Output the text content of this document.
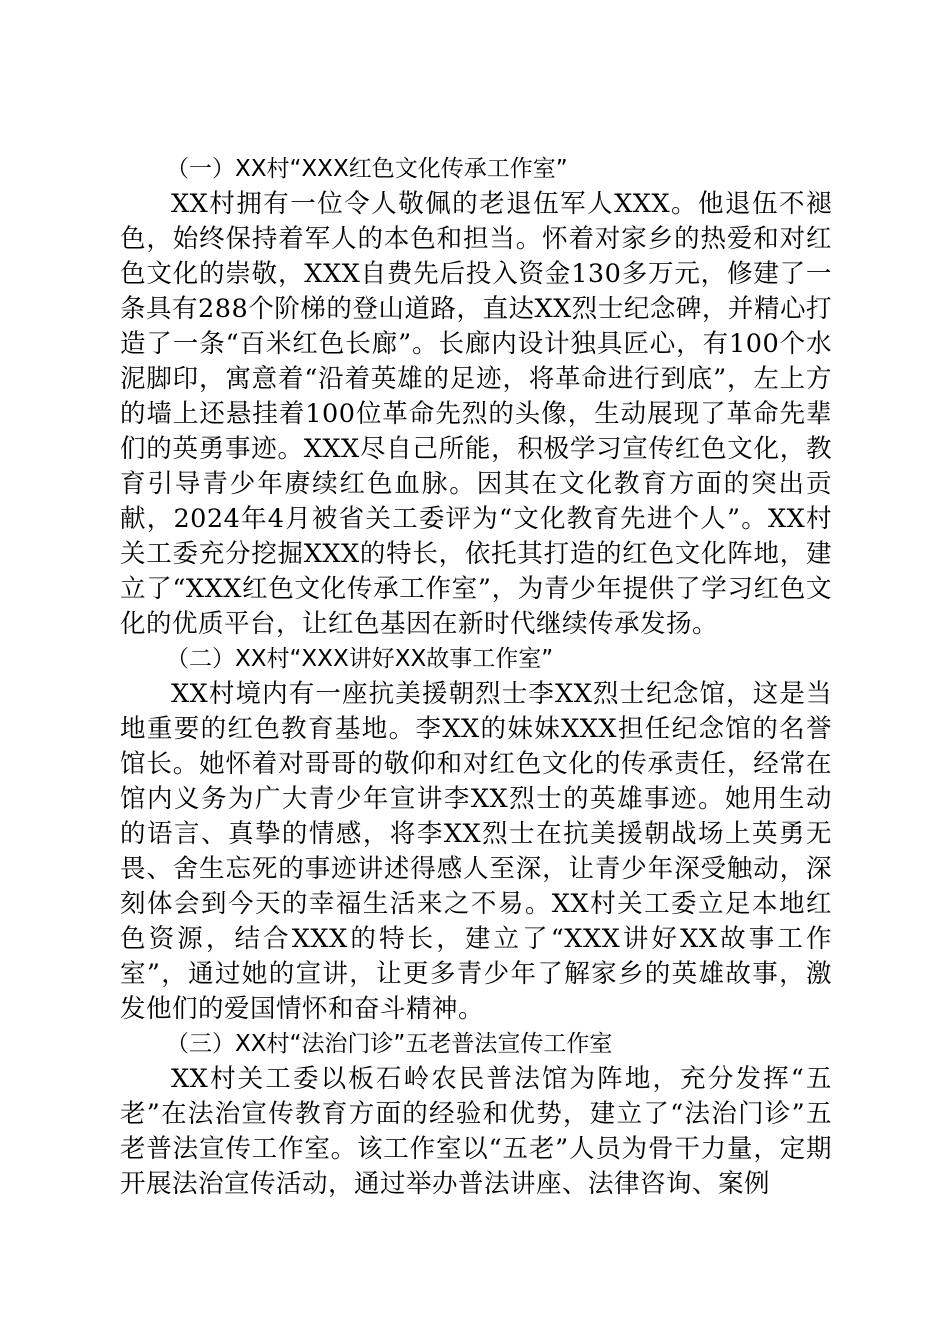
（一）XX村“XXX红色文化传承工作室”

XX村拥有一位令人敬佩的老退伍军人XXX。他退伍不褪色，始终保持着军人的本色和担当。怀着对家乡的热爱和对红色文化的崇敬，XXX自费先后投入资金130多万元，修建了一条具有288个阶梯的登山道路，直达XX烈士纪念碑，并精心打造了一条“百米红色长廊”。长廊内设计独具匠心，有100个水泥脚印，寓意着“沿着英雄的足迹，将革命进行到底”，左上方的墙上还悬挂着100位革命先烈的头像，生动展现了革命先辈们的英勇事迹。XXX尽自己所能，积极学习宣传红色文化，教育引导青少年赓续红色血脉。因其在文化教育方面的突出贡献，2024年4月被省关工委评为“文化教育先进个人”。XX村关工委充分挖掘XXX的特长，依托其打造的红色文化阵地，建立了“XXX红色文化传承工作室”，为青少年提供了学习红色文化的优质平台，让红色基因在新时代继续传承发扬。

（二）XX村“XXX讲好XX故事工作室”

XX村境内有一座抗美援朝烈士李XX烈士纪念馆，这是当地重要的红色教育基地。李XX的妹妹XXX担任纪念馆的名誉馆长。她怀着对哥哥的敬仰和对红色文化的传承责任，经常在馆内义务为广大青少年宣讲李XX烈士的英雄事迹。她用生动的语言、真挚的情感，将李XX烈士在抗美援朝战场上英勇无畏、舍生忘死的事迹讲述得感人至深，让青少年深受触动，深刻体会到今天的幸福生活来之不易。XX村关工委立足本地红色资源，结合XXX的特长，建立了“XXX讲好XX故事工作室”，通过她的宣讲，让更多青少年了解家乡的英雄故事，激发他们的爱国情怀和奋斗精神。

（三）XX村“法治门诊”五老普法宣传工作室

XX村关工委以板石岭农民普法馆为阵地，充分发挥“五老”在法治宣传教育方面的经验和优势，建立了“法治门诊”五老普法宣传工作室。该工作室以“五老”人员为骨干力量，定期开展法治宣传活动，通过举办普法讲座、法律咨询、案例
